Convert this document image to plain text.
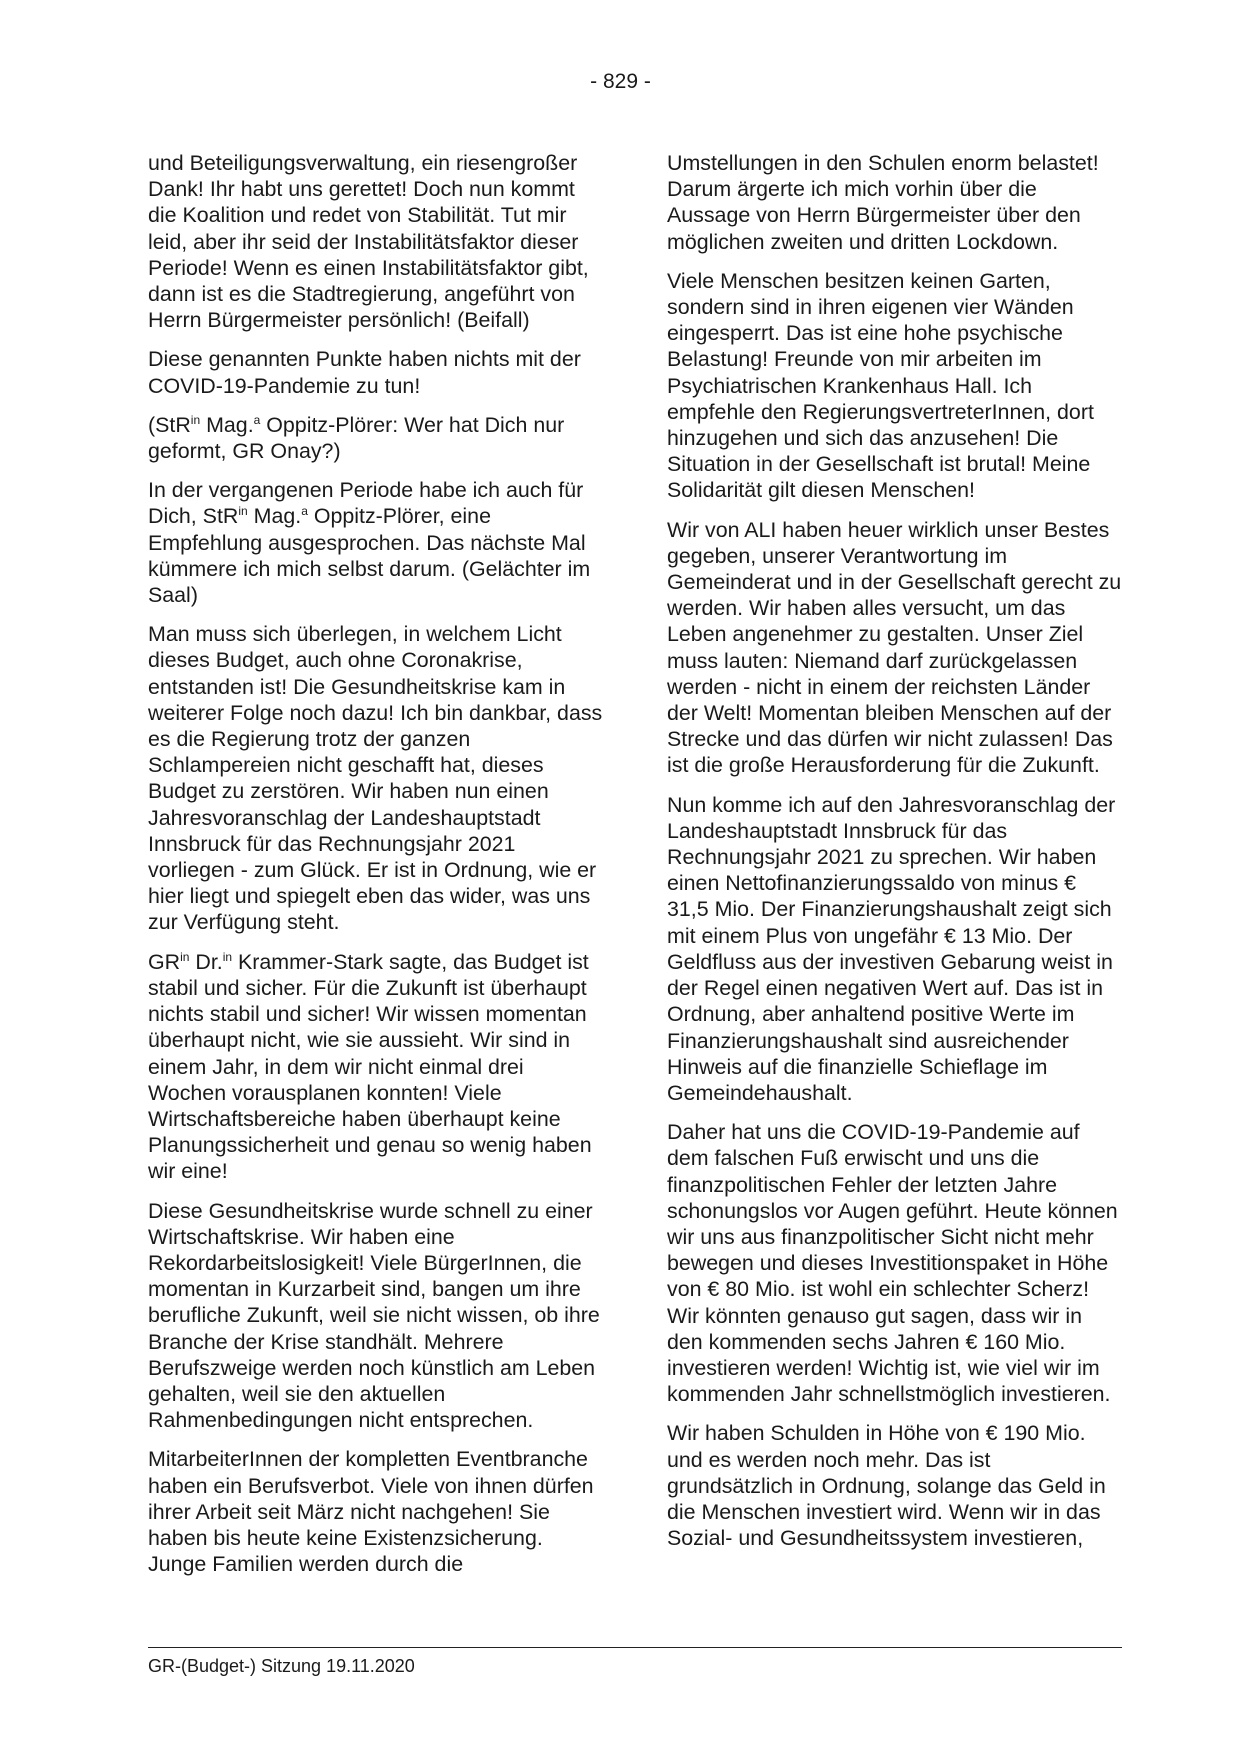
- 829 -

und Beteiligungsverwaltung, ein riesengroßer Dank! Ihr habt uns gerettet! Doch nun kommt die Koalition und redet von Stabilität. Tut mir leid, aber ihr seid der Instabilitätsfaktor dieser Periode! Wenn es einen Instabilitätsfaktor gibt, dann ist es die Stadtregierung, angeführt von Herrn Bürgermeister persönlich! (Beifall)

Diese genannten Punkte haben nichts mit der COVID-19-Pandemie zu tun!

(StR$^{in}$ Mag.$^a$ Oppitz-Plörer: Wer hat Dich nur geformt, GR Onay?)

In der vergangenen Periode habe ich auch für Dich, StR$^{in}$ Mag.$^a$ Oppitz-Plörer, eine Empfehlung ausgesprochen. Das nächste Mal kümmere ich mich selbst darum. (Gelächter im Saal)

Man muss sich überlegen, in welchem Licht dieses Budget, auch ohne Coronakrise, entstanden ist! Die Gesundheitskrise kam in weiterer Folge noch dazu! Ich bin dankbar, dass es die Regierung trotz der ganzen Schlampereien nicht geschafft hat, dieses Budget zu zerstören. Wir haben nun einen Jahresvoranschlag der Landeshauptstadt Innsbruck für das Rechnungsjahr 2021 vorliegen - zum Glück. Er ist in Ordnung, wie er hier liegt und spiegelt eben das wider, was uns zur Verfügung steht.

$GR^{in}$ Dr.$^{in}$ Krammer-Stark sagte, das Budget ist stabil und sicher. Für die Zukunft ist überhaupt nichts stabil und sicher! Wir wissen momentan überhaupt nicht, wie sie aussieht. Wir sind in einem Jahr, in dem wir nicht einmal drei Wochen vorausplanen konnten! Viele Wirtschaftsbereiche haben überhaupt keine Planungssicherheit und genau so wenig haben wir eine!

Diese Gesundheitskrise wurde schnell zu einer Wirtschaftskrise. Wir haben eine Rekordarbeitslosigkeit! Viele BürgerInnen, die momentan in Kurzarbeit sind, bangen um ihre berufliche Zukunft, weil sie nicht wissen, ob ihre Branche der Krise standhält. Mehrere Berufszweige werden noch künstlich am Leben gehalten, weil sie den aktuellen Rahmenbedingungen nicht entsprechen.

MitarbeiterInnen der kompletten Eventbranche haben ein Berufsverbot. Viele von ihnen dürfen ihrer Arbeit seit März nicht nachgehen! Sie haben bis heute keine Existenzsicherung. Junge Familien werden durch die

Umstellungen in den Schulen enorm belastet! Darum ärgerte ich mich vorhin über die Aussage von Herrn Bürgermeister über den möglichen zweiten und dritten Lockdown.

Viele Menschen besitzen keinen Garten, sondern sind in ihren eigenen vier Wänden eingesperrt. Das ist eine hohe psychische Belastung! Freunde von mir arbeiten im Psychiatrischen Krankenhaus Hall. Ich empfehle den RegierungsvertreterInnen, dort hinzugehen und sich das anzusehen! Die Situation in der Gesellschaft ist brutal! Meine Solidarität gilt diesen Menschen!

Wir von ALI haben heuer wirklich unser Bestes gegeben, unserer Verantwortung im Gemeinderat und in der Gesellschaft gerecht zu werden. Wir haben alles versucht, um das Leben angenehmer zu gestalten. Unser Ziel muss lauten: Niemand darf zurückgelassen werden - nicht in einem der reichsten Länder der Welt! Momentan bleiben Menschen auf der Strecke und das dürfen wir nicht zulassen! Das ist die große Herausforderung für die Zukunft.

Nun komme ich auf den Jahresvoranschlag der Landeshauptstadt Innsbruck für das Rechnungsjahr 2021 zu sprechen. Wir haben einen Nettofinanzierungssaldo von minus € 31,5 Mio. Der Finanzierungshaushalt zeigt sich mit einem Plus von ungefähr € 13 Mio. Der Geldfluss aus der investiven Gebarung weist in der Regel einen negativen Wert auf. Das ist in Ordnung, aber anhaltend positive Werte im Finanzierungshaushalt sind ausreichender Hinweis auf die finanzielle Schieflage im Gemeindehaushalt.

Daher hat uns die COVID-19-Pandemie auf dem falschen Fuß erwischt und uns die finanzpolitischen Fehler der letzten Jahre schonungslos vor Augen geführt. Heute können wir uns aus finanzpolitischer Sicht nicht mehr bewegen und dieses Investitionspaket in Höhe von € 80 Mio. ist wohl ein schlechter Scherz! Wir könnten genauso gut sagen, dass wir in den kommenden sechs Jahren € 160 Mio. investieren werden! Wichtig ist, wie viel wir im kommenden Jahr schnellstmöglich investieren.

Wir haben Schulden in Höhe von € 190 Mio. und es werden noch mehr. Das ist grundsätzlich in Ordnung, solange das Geld in die Menschen investiert wird. Wenn wir in das Sozial- und Gesundheitssystem investieren,

GR-(Budget-) Sitzung 19.11.2020
